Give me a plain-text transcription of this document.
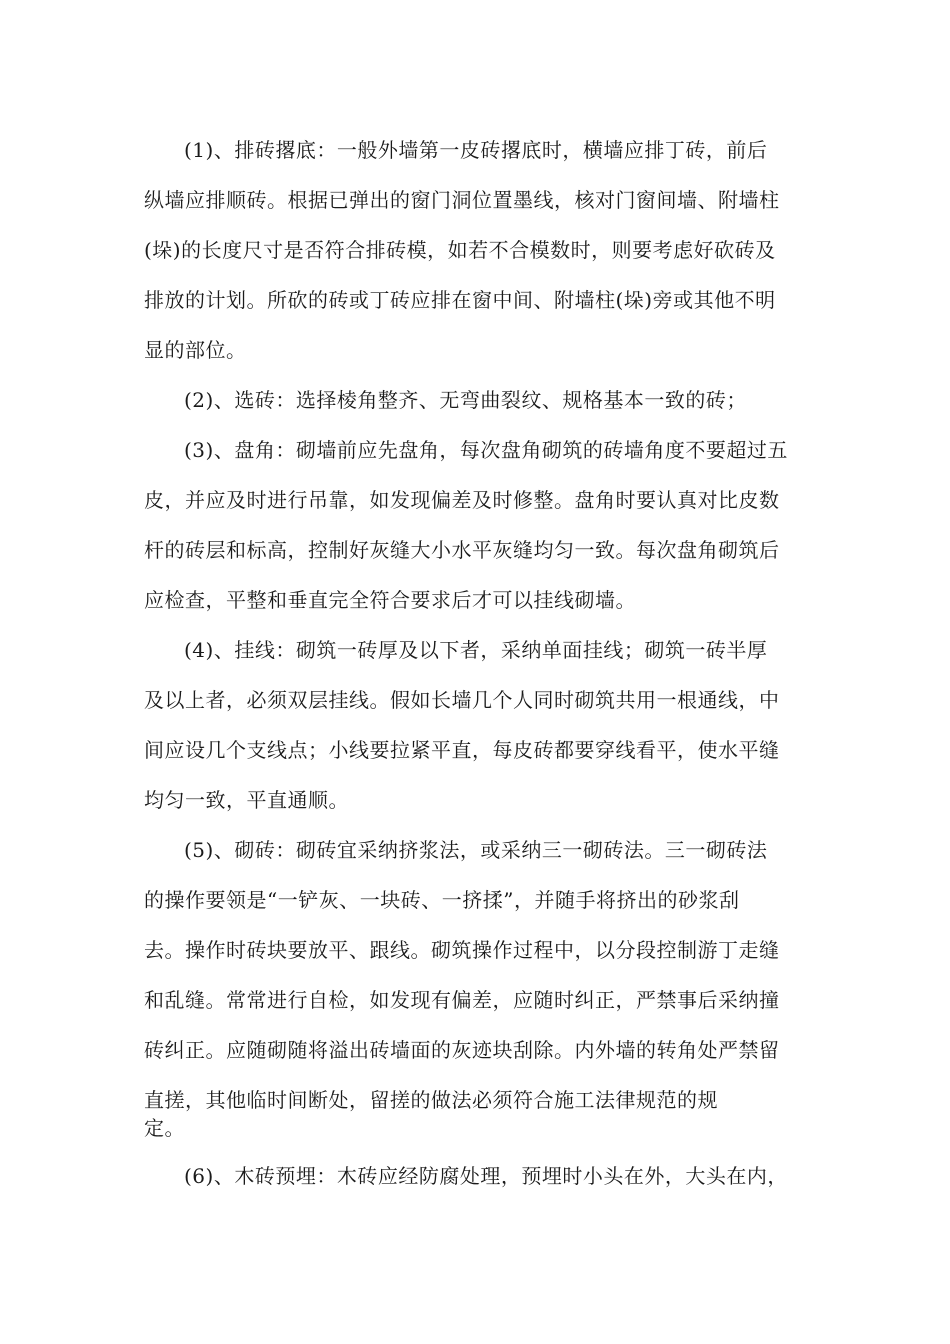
(1)、排砖撂底：一般外墙第一皮砖撂底时，横墙应排丁砖，前后
纵墙应排顺砖。根据已弹出的窗门洞位置墨线，核对门窗间墙、附墙柱
(垛)的长度尺寸是否符合排砖模，如若不合模数时，则要考虑好砍砖及
排放的计划。所砍的砖或丁砖应排在窗中间、附墙柱(垛)旁或其他不明
显的部位。
(2)、选砖：选择棱角整齐、无弯曲裂纹、规格基本一致的砖；
(3)、盘角：砌墙前应先盘角，每次盘角砌筑的砖墙角度不要超过五
皮，并应及时进行吊靠，如发现偏差及时修整。盘角时要认真对比皮数
杆的砖层和标高，控制好灰缝大小水平灰缝均匀一致。每次盘角砌筑后
应检查，平整和垂直完全符合要求后才可以挂线砌墙。
(4)、挂线：砌筑一砖厚及以下者，采纳单面挂线；砌筑一砖半厚
及以上者，必须双层挂线。假如长墙几个人同时砌筑共用一根通线，中
间应设几个支线点；小线要拉紧平直，每皮砖都要穿线看平，使水平缝
均匀一致，平直通顺。
(5)、砌砖：砌砖宜采纳挤浆法，或采纳三一砌砖法。三一砌砖法
的操作要领是“一铲灰、一块砖、一挤揉”，并随手将挤出的砂浆刮
去。操作时砖块要放平、跟线。砌筑操作过程中，以分段控制游丁走缝
和乱缝。常常进行自检，如发现有偏差，应随时纠正，严禁事后采纳撞
砖纠正。应随砌随将溢出砖墙面的灰迹块刮除。内外墙的转角处严禁留
直搓，其他临时间断处，留搓的做法必须符合施工法律规范的规
定。
(6)、木砖预埋：木砖应经防腐处理，预埋时小头在外，大头在内，
